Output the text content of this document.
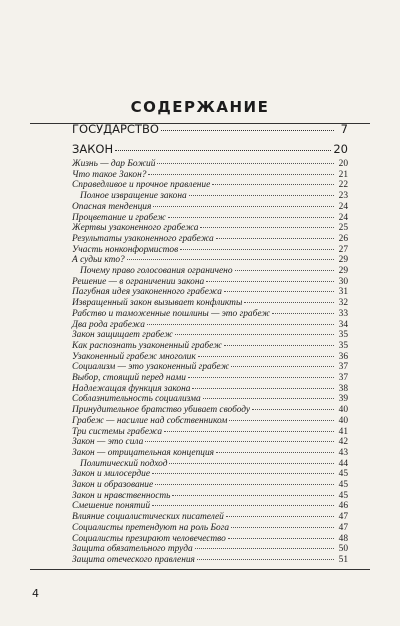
СОДЕРЖАНИЕ
ГОСУДАРСТВО	7
ЗАКОН	20
Жизнь — дар Божий	20
Что такое Закон?	21
Справедливое и прочное правление	22
Полное извращение закона	23
Опасная тенденция	24
Процветание и грабеж	24
Жертвы узаконенного грабежа	25
Результаты узаконенного грабежа	26
Участь нонконформистов	27
А судьи кто?	29
Почему право голосования ограничено	29
Решение — в ограничении закона	30
Пагубная идея узаконенного грабежа	31
Извращенный закон вызывает конфликты	32
Рабство и таможенные пошлины — это грабеж	33
Два рода грабежа	34
Закон защищает грабеж	35
Как распознать узаконенный грабеж	35
Узаконенный грабеж многолик	36
Социализм — это узаконенный грабеж	37
Выбор, стоящий перед нами	37
Надлежащая функция закона	38
Соблазнительность социализма	39
Принудительное братство убивает свободу	40
Грабеж — насилие над собственником	40
Три системы грабежа	41
Закон — это сила	42
Закон — отрицательная концепция	43
Политический подход	44
Закон и милосердие	45
Закон и образование	45
Закон и нравственность	45
Смешение понятий	46
Влияние социалистических писателей	47
Социалисты претендуют на роль Бога	47
Социалисты презирают человечество	48
Защита обязательного труда	50
Защита отеческого правления	51
4
